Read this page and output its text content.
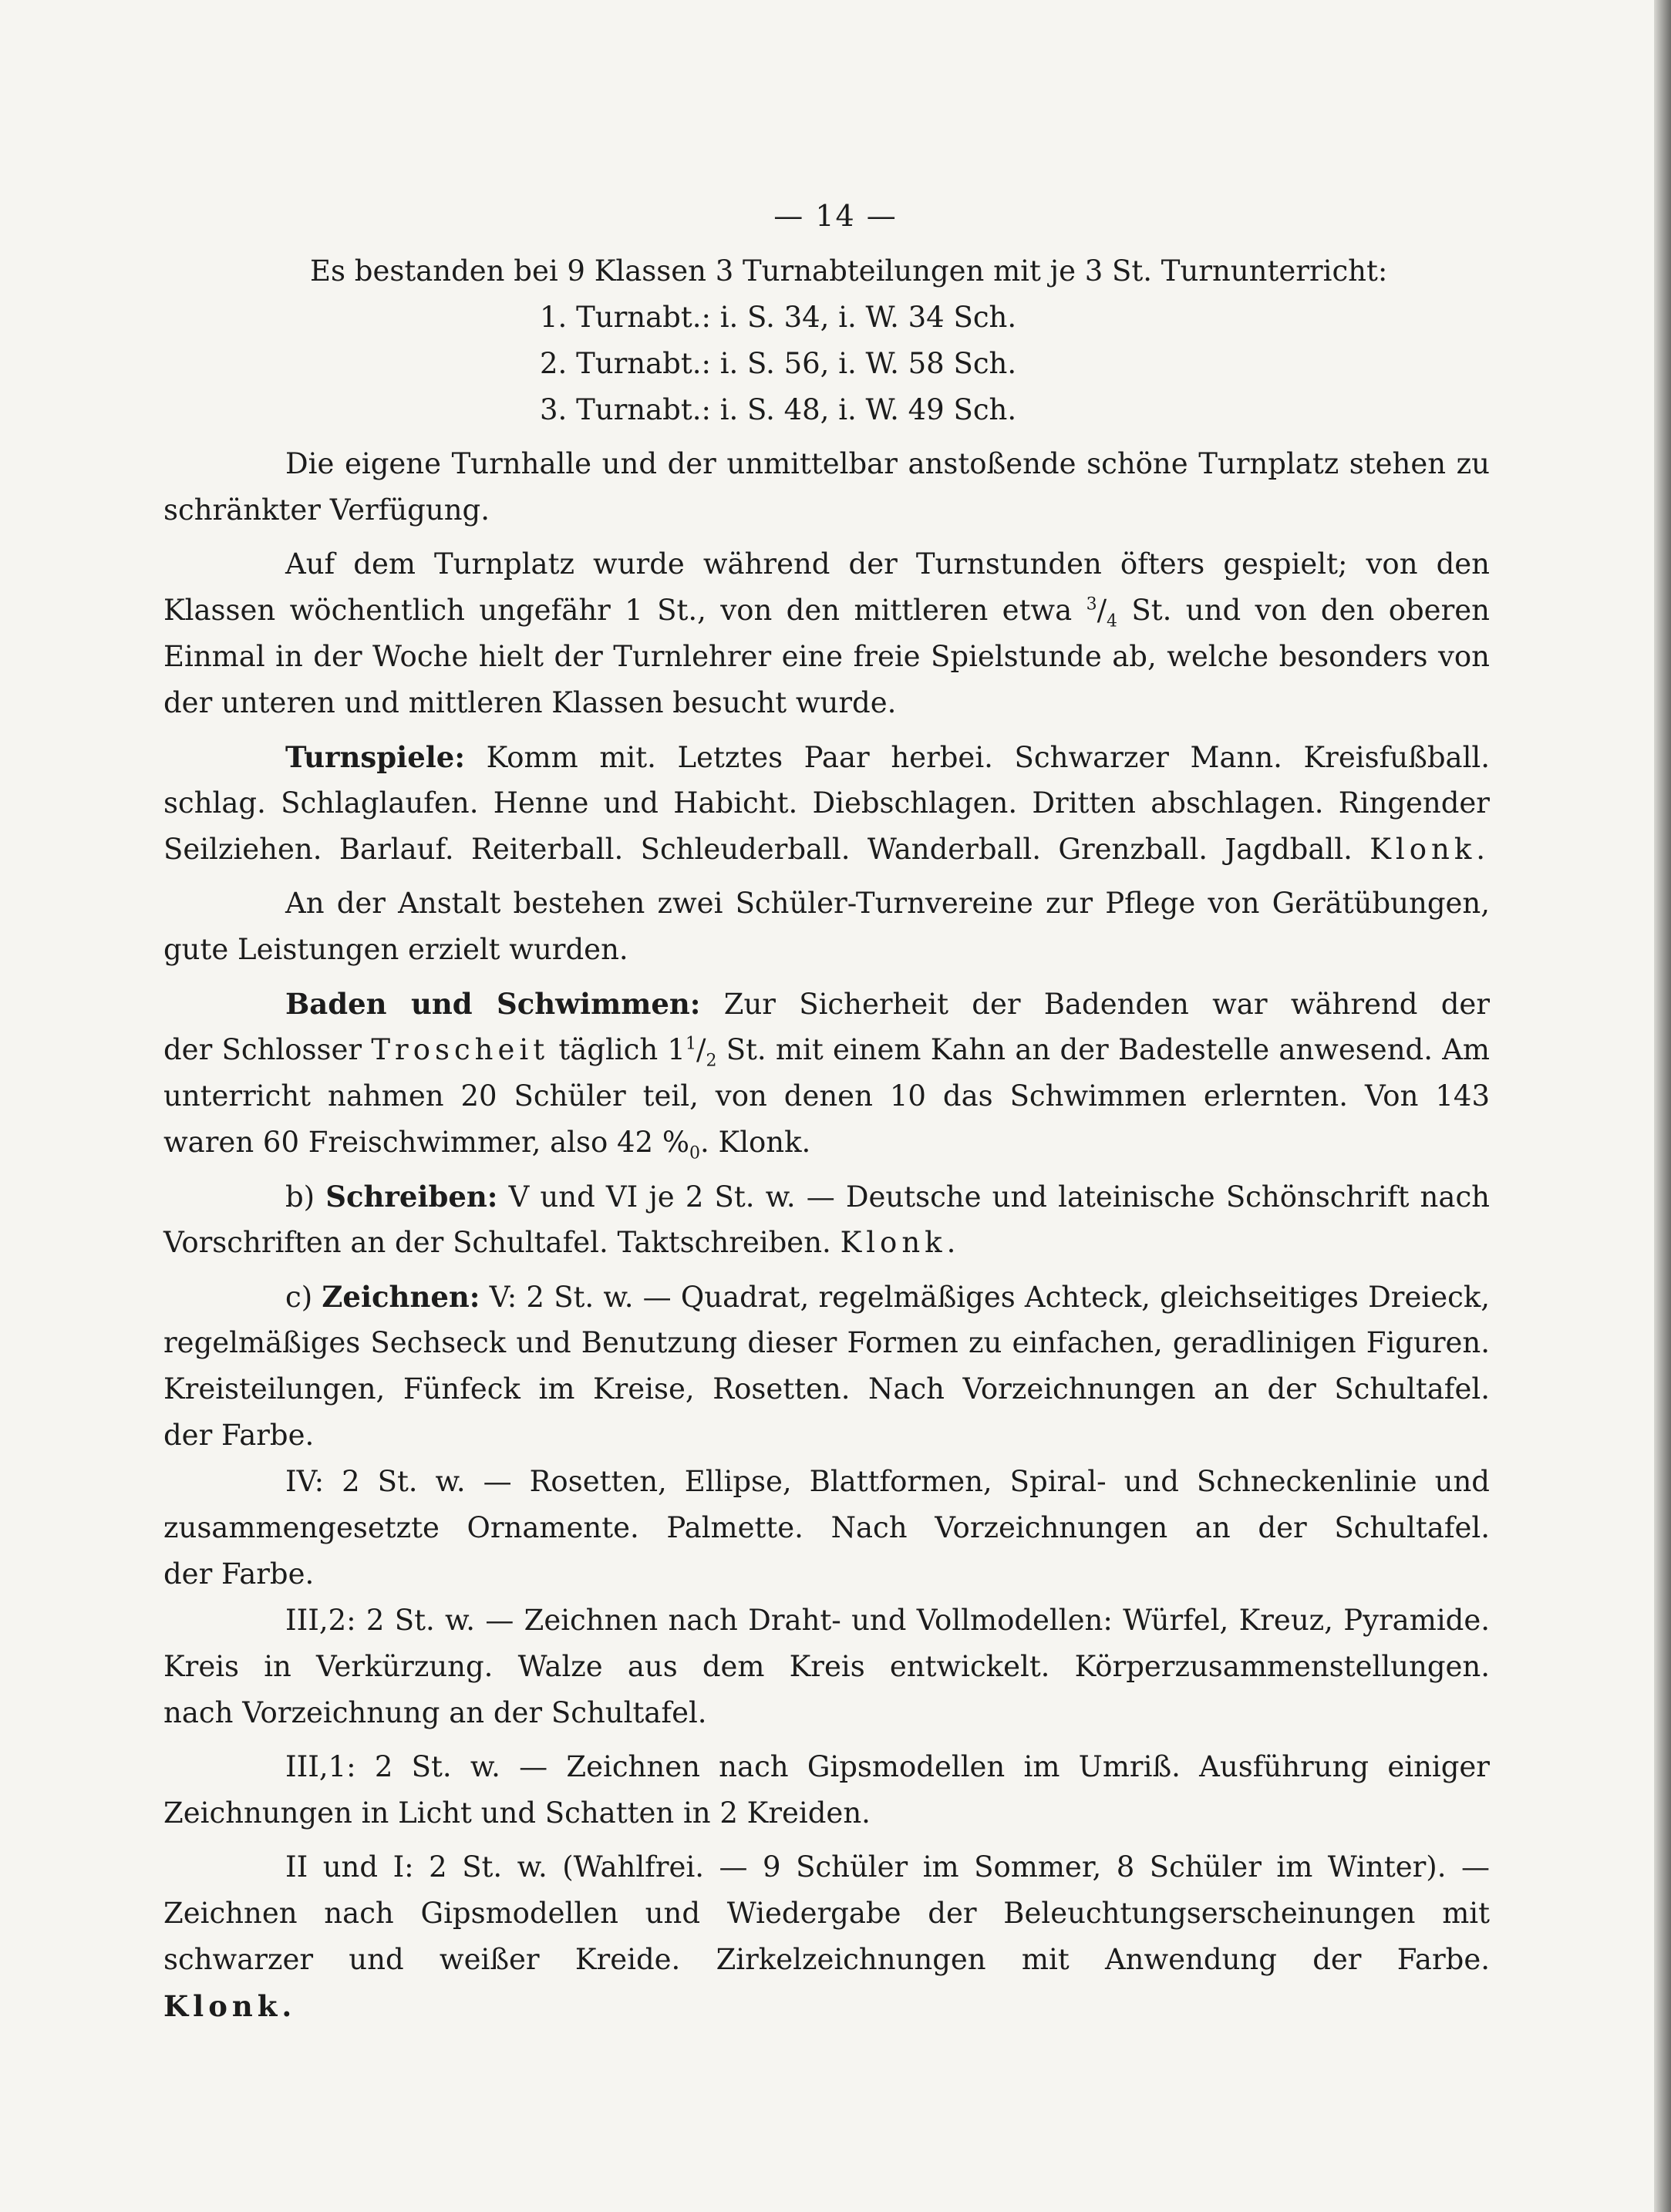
— 14 —
Es bestanden bei 9 Klassen 3 Turnabteilungen mit je 3 St. Turnunterricht:
1. Turnabt.: i. S. 34, i. W. 34 Sch.
2. Turnabt.: i. S. 56, i. W. 58 Sch.
3. Turnabt.: i. S. 48, i. W. 49 Sch.
Die eigene Turnhalle und der unmittelbar anstoßende schöne Turnplatz stehen zu
schränkter Verfügung.
Auf dem Turnplatz wurde während der Turnstunden öfters gespielt; von den
Klassen wöchentlich ungefähr 1 St., von den mittleren etwa $^3/_4$ St. und von den oberen
Einmal in der Woche hielt der Turnlehrer eine freie Spielstunde ab, welche besonders von
der unteren und mittleren Klassen besucht wurde.
Turnspiele: Komm mit. Letztes Paar herbei. Schwarzer Mann. Kreisfußball.
schlag. Schlaglaufen. Henne und Habicht. Diebschlagen. Dritten abschlagen. Ringender
Seilziehen. Barlauf. Reiterball. Schleuderball. Wanderball. Grenzball. Jagdball. Klonk.
An der Anstalt bestehen zwei Schüler-Turnvereine zur Pflege von Gerätübungen,
gute Leistungen erzielt wurden.
Baden und Schwimmen: Zur Sicherheit der Badenden war während der
der Schlosser Troscheit täglich $1^1/_2$ St. mit einem Kahn an der Badestelle anwesend. Am
unterricht nahmen 20 Schüler teil, von denen 10 das Schwimmen erlernten. Von 143
waren 60 Freischwimmer, also 42 $\%_0$. Klonk.
b) Schreiben: V und VI je 2 St. w. — Deutsche und lateinische Schönschrift nach
Vorschriften an der Schultafel. Taktschreiben. Klonk.
c) Zeichnen: V: 2 St. w. — Quadrat, regelmäßiges Achteck, gleichseitiges Dreieck,
regelmäßiges Sechseck und Benutzung dieser Formen zu einfachen, geradlinigen Figuren.
Kreisteilungen, Fünfeck im Kreise, Rosetten. Nach Vorzeichnungen an der Schultafel.
der Farbe.
IV: 2 St. w. — Rosetten, Ellipse, Blattformen, Spiral- und Schneckenlinie und
zusammengesetzte Ornamente. Palmette. Nach Vorzeichnungen an der Schultafel.
der Farbe.
III,2: 2 St. w. — Zeichnen nach Draht- und Vollmodellen: Würfel, Kreuz, Pyramide.
Kreis in Verkürzung. Walze aus dem Kreis entwickelt. Körperzusammenstellungen.
nach Vorzeichnung an der Schultafel.
III,1: 2 St. w. — Zeichnen nach Gipsmodellen im Umriß. Ausführung einiger
Zeichnungen in Licht und Schatten in 2 Kreiden.
II und I: 2 St. w. (Wahlfrei. — 9 Schüler im Sommer, 8 Schüler im Winter). —
Zeichnen nach Gipsmodellen und Wiedergabe der Beleuchtungserscheinungen mit
schwarzer und weißer Kreide. Zirkelzeichnungen mit Anwendung der Farbe.
Klonk.
